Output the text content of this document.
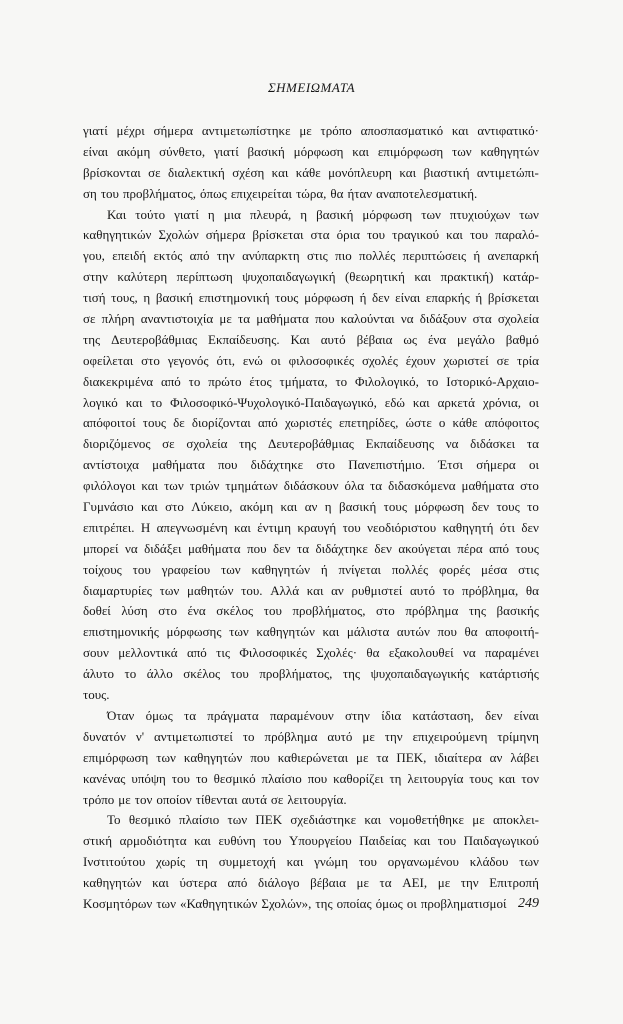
ΣΗΜΕΙΩΜΑΤΑ
γιατί μέχρι σήμερα αντιμετωπίστηκε με τρόπο αποσπασματικό και αντιφατικό·
είναι ακόμη σύνθετο, γιατί βασική μόρφωση και επιμόρφωση των καθηγητών
βρίσκονται σε διαλεκτική σχέση και κάθε μονόπλευρη και βιαστική αντιμετώπι-
ση του προβλήματος, όπως επιχειρείται τώρα, θα ήταν αναποτελεσματική.
Και τούτο γιατί η μια πλευρά, η βασική μόρφωση των πτυχιούχων των
καθηγητικών Σχολών σήμερα βρίσκεται στα όρια του τραγικού και του παραλό-
γου, επειδή εκτός από την ανύπαρκτη στις πιο πολλές περιπτώσεις ή ανεπαρκή
στην καλύτερη περίπτωση ψυχοπαιδαγωγική (θεωρητική και πρακτική) κατάρ-
τισή τους, η βασική επιστημονική τους μόρφωση ή δεν είναι επαρκής ή βρίσκεται
σε πλήρη αναντιστοιχία με τα μαθήματα που καλούνται να διδάξουν στα σχολεία
της Δευτεροβάθμιας Εκπαίδευσης. Και αυτό βέβαια ως ένα μεγάλο βαθμό
οφείλεται στο γεγονός ότι, ενώ οι φιλοσοφικές σχολές έχουν χωριστεί σε τρία
διακεκριμένα από το πρώτο έτος τμήματα, το Φιλολογικό, το Ιστορικό-Αρχαιο-
λογικό και το Φιλοσοφικό-Ψυχολογικό-Παιδαγωγικό, εδώ και αρκετά χρόνια, οι
απόφοιτοί τους δε διορίζονται από χωριστές επετηρίδες, ώστε ο κάθε απόφοιτος
διοριζόμενος σε σχολεία της Δευτεροβάθμιας Εκπαίδευσης να διδάσκει τα
αντίστοιχα μαθήματα που διδάχτηκε στο Πανεπιστήμιο. Έτσι σήμερα οι
φιλόλογοι και των τριών τμημάτων διδάσκουν όλα τα διδασκόμενα μαθήματα στο
Γυμνάσιο και στο Λύκειο, ακόμη και αν η βασική τους μόρφωση δεν τους το
επιτρέπει. Η απεγνωσμένη και έντιμη κραυγή του νεοδιόριστου καθηγητή ότι δεν
μπορεί να διδάξει μαθήματα που δεν τα διδάχτηκε δεν ακούγεται πέρα από τους
τοίχους του γραφείου των καθηγητών ή πνίγεται πολλές φορές μέσα στις
διαμαρτυρίες των μαθητών του. Αλλά και αν ρυθμιστεί αυτό το πρόβλημα, θα
δοθεί λύση στο ένα σκέλος του προβλήματος, στο πρόβλημα της βασικής
επιστημονικής μόρφωσης των καθηγητών και μάλιστα αυτών που θα αποφοιτή-
σουν μελλοντικά από τις Φιλοσοφικές Σχολές· θα εξακολουθεί να παραμένει
άλυτο το άλλο σκέλος του προβλήματος, της ψυχοπαιδαγωγικής κατάρτισής
τους.
Όταν όμως τα πράγματα παραμένουν στην ίδια κατάσταση, δεν είναι
δυνατόν ν' αντιμετωπιστεί το πρόβλημα αυτό με την επιχειρούμενη τρίμηνη
επιμόρφωση των καθηγητών που καθιερώνεται με τα ΠΕΚ, ιδιαίτερα αν λάβει
κανένας υπόψη του το θεσμικό πλαίσιο που καθορίζει τη λειτουργία τους και τον
τρόπο με τον οποίον τίθενται αυτά σε λειτουργία.
Το θεσμικό πλαίσιο των ΠΕΚ σχεδιάστηκε και νομοθετήθηκε με αποκλει-
στική αρμοδιότητα και ευθύνη του Υπουργείου Παιδείας και του Παιδαγωγικού
Ινστιτούτου χωρίς τη συμμετοχή και γνώμη του οργανωμένου κλάδου των
καθηγητών και ύστερα από διάλογο βέβαια με τα ΑΕΙ, με την Επιτροπή
Κοσμητόρων των «Καθηγητικών Σχολών», της οποίας όμως οι προβληματισμοί 249
